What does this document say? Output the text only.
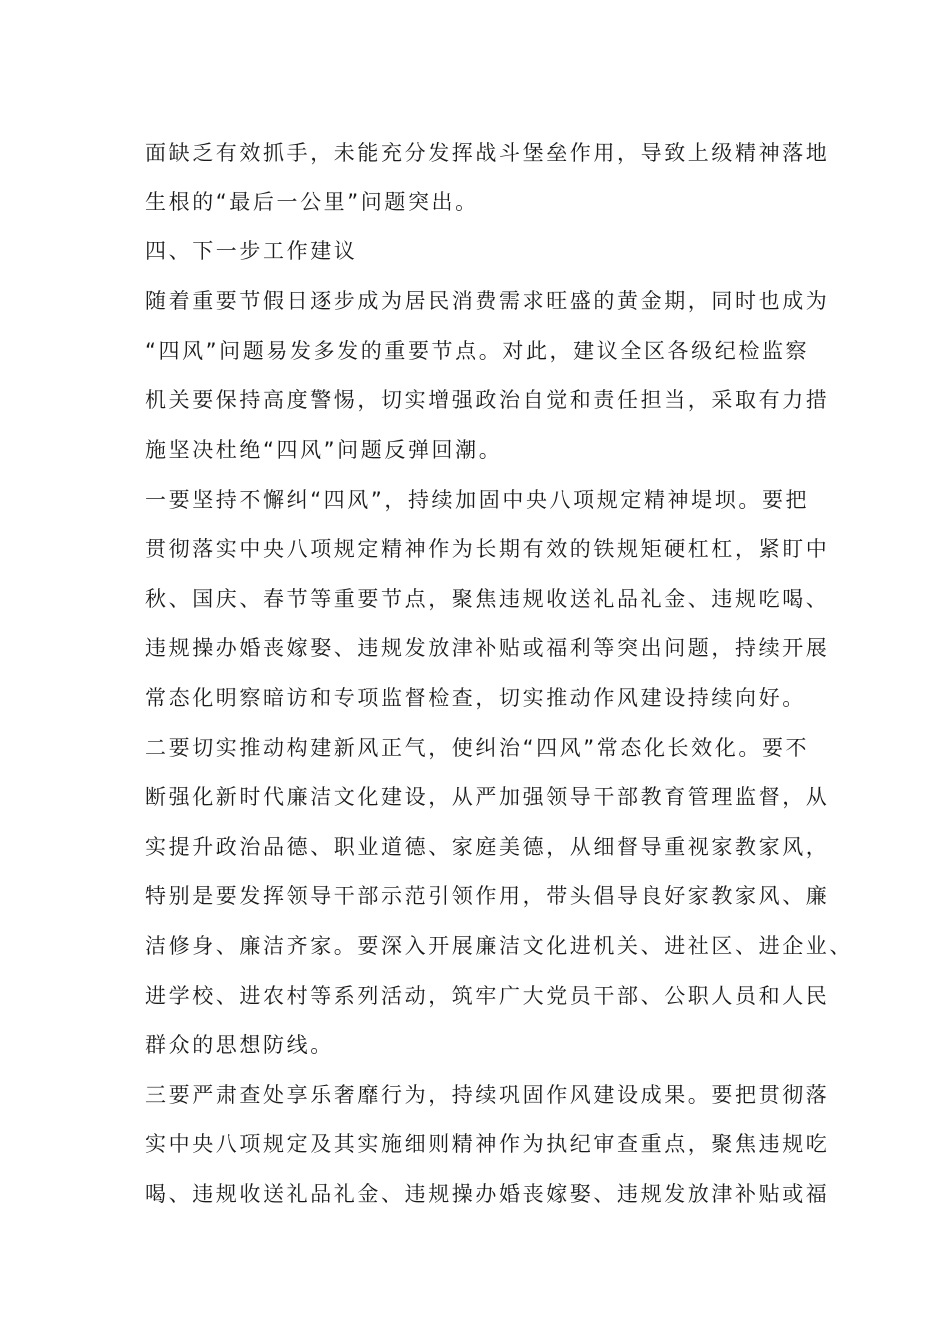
面缺乏有效抓手，未能充分发挥战斗堡垒作用，导致上级精神落地
生根的“最后一公里”问题突出。
四、下一步工作建议
随着重要节假日逐步成为居民消费需求旺盛的黄金期，同时也成为
“四风”问题易发多发的重要节点。对此，建议全区各级纪检监察
机关要保持高度警惕，切实增强政治自觉和责任担当，采取有力措
施坚决杜绝“四风”问题反弹回潮。
一要坚持不懈纠“四风”，持续加固中央八项规定精神堤坝。要把
贯彻落实中央八项规定精神作为长期有效的铁规矩硬杠杠，紧盯中
秋、国庆、春节等重要节点，聚焦违规收送礼品礼金、违规吃喝、
违规操办婚丧嫁娶、违规发放津补贴或福利等突出问题，持续开展
常态化明察暗访和专项监督检查，切实推动作风建设持续向好。
二要切实推动构建新风正气，使纠治“四风”常态化长效化。要不
断强化新时代廉洁文化建设，从严加强领导干部教育管理监督，从
实提升政治品德、职业道德、家庭美德，从细督导重视家教家风，
特别是要发挥领导干部示范引领作用，带头倡导良好家教家风、廉
洁修身、廉洁齐家。要深入开展廉洁文化进机关、进社区、进企业、
进学校、进农村等系列活动，筑牢广大党员干部、公职人员和人民
群众的思想防线。
三要严肃查处享乐奢靡行为，持续巩固作风建设成果。要把贯彻落
实中央八项规定及其实施细则精神作为执纪审查重点，聚焦违规吃
喝、违规收送礼品礼金、违规操办婚丧嫁娶、违规发放津补贴或福
